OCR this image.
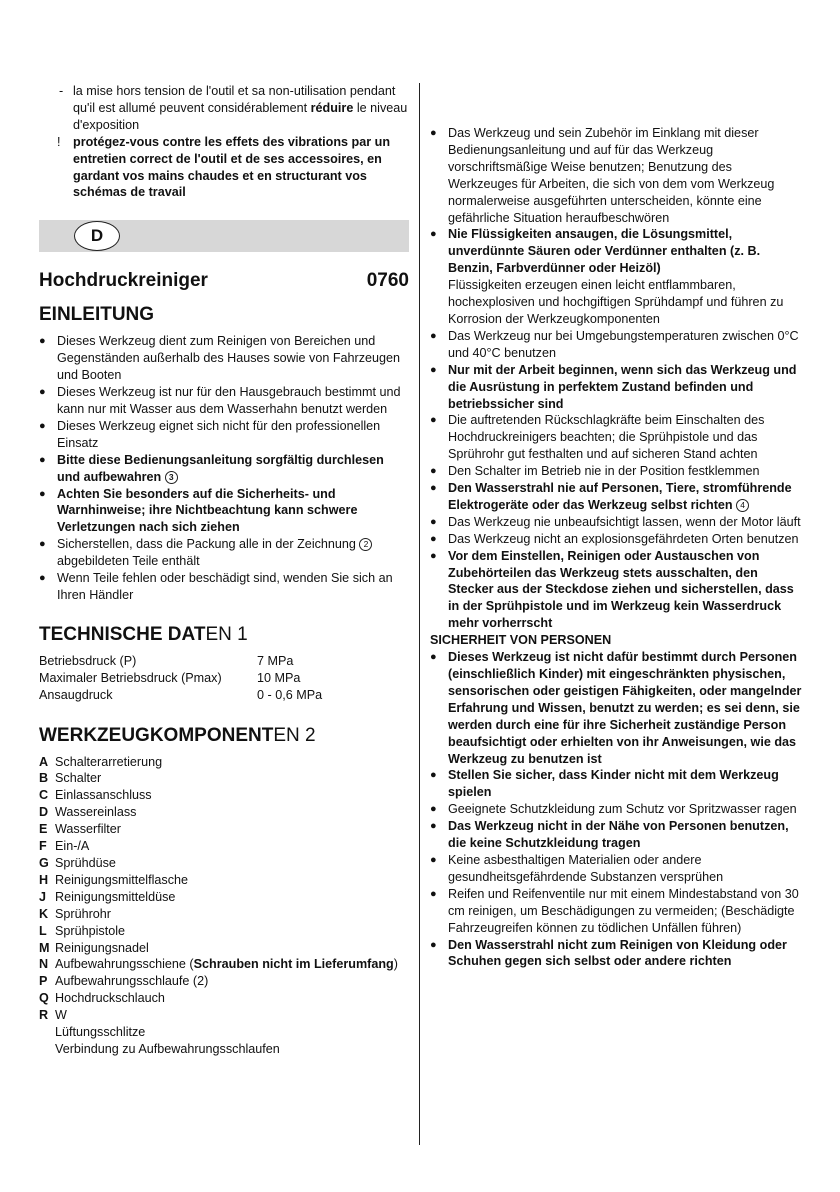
- la mise hors tension de l'outil et sa non-utilisation pendant qu'il est allumé peuvent considérablement réduire le niveau d'exposition
! protégez-vous contre les effets des vibrations par un entretien correct de l'outil et de ses accessoires, en gardant vos mains chaudes et en structurant vos schémas de travail
D
Hochdruckreiniger	0760
EINLEITUNG
● Dieses Werkzeug dient zum Reinigen von Bereichen und Gegenständen außerhalb des Hauses sowie von Fahrzeugen und Booten
● Dieses Werkzeug ist nur für den Hausgebrauch bestimmt und kann nur mit Wasser aus dem Wasserhahn benutzt werden
● Dieses Werkzeug eignet sich nicht für den professionellen Einsatz
● Bitte diese Bedienungsanleitung sorgfältig durchlesen und aufbewahren 3
● Achten Sie besonders auf die Sicherheits- und Warnhinweise; ihre Nichtbeachtung kann schwere Verletzungen nach sich ziehen
● Sicherstellen, dass die Packung alle in der Zeichnung 2 abgebildeten Teile enthält
● Wenn Teile fehlen oder beschädigt sind, wenden Sie sich an Ihren Händler
TECHNISCHE DATEN 1
Betriebsdruck (P)	7 MPa
Maximaler Betriebsdruck (Pmax)	10 MPa
Ansaugdruck	0 - 0,6 MPa
WERKZEUGKOMPONENTEN 2
A Schalterarretierung
B Schalter
C Einlassanschluss
D Wassereinlass
E Wasserfilter
F Ein-/A
G Sprühdüse
H Reinigungsmittelflasche
J Reinigungsmitteldüse
K Sprührohr
L Sprühpistole
M Reinigungsnadel
N Aufbewahrungsschiene (Schrauben nicht im Lieferumfang)
P Aufbewahrungsschlaufe (2)
Q Hochdruckschlauch
R W
Lüftungsschlitze
Verbindung zu Aufbewahrungsschlaufen
● Das Werkzeug und sein Zubehör im Einklang mit dieser Bedienungsanleitung und auf für das Werkzeug vorschriftsmäßige Weise benutzen; Benutzung des Werkzeuges für Arbeiten, die sich von dem vom Werkzeug normalerweise ausgeführten unterscheiden, könnte eine gefährliche Situation heraufbeschwören
● Nie Flüssigkeiten ansaugen, die Lösungsmittel, unverdünnte Säuren oder Verdünner enthalten (z. B. Benzin, Farbverdünner oder Heizöl)
Flüssigkeiten erzeugen einen leicht entflammbaren, hochexplosiven und hochgiftigen Sprühdampf und führen zu Korrosion der Werkzeugkomponenten
● Das Werkzeug nur bei Umgebungstemperaturen zwischen 0°C und 40°C benutzen
● Nur mit der Arbeit beginnen, wenn sich das Werkzeug und die Ausrüstung in perfektem Zustand befinden und betriebssicher sind
● Die auftretenden Rückschlagkräfte beim Einschalten des Hochdruckreinigers beachten; die Sprühpistole und das Sprührohr gut festhalten und auf sicheren Stand achten
● Den Schalter im Betrieb nie in der Position festklemmen
● Den Wasserstrahl nie auf Personen, Tiere, stromführende Elektrogeräte oder das Werkzeug selbst richten 4
● Das Werkzeug nie unbeaufsichtigt lassen, wenn der Motor läuft
● Das Werkzeug nicht an explosionsgefährdeten Orten benutzen
● Vor dem Einstellen, Reinigen oder Austauschen von Zubehörteilen das Werkzeug stets ausschalten, den Stecker aus der Steckdose ziehen und sicherstellen, dass in der Sprühpistole und im Werkzeug kein Wasserdruck mehr vorherrscht
SICHERHEIT VON PERSONEN
● Dieses Werkzeug ist nicht dafür bestimmt durch Personen (einschließlich Kinder) mit eingeschränkten physischen, sensorischen oder geistigen Fähigkeiten, oder mangelnder Erfahrung und Wissen, benutzt zu werden; es sei denn, sie werden durch eine für ihre Sicherheit zuständige Person beaufsichtigt oder erhielten von ihr Anweisungen, wie das Werkzeug zu benutzen ist
● Stellen Sie sicher, dass Kinder nicht mit dem Werkzeug spielen
● Geeignete Schutzkleidung zum Schutz vor Spritzwasser ragen
● Das Werkzeug nicht in der Nähe von Personen benutzen, die keine Schutzkleidung tragen
● Keine asbesthaltigen Materialien oder andere gesundheitsgefährdende Substanzen versprühen
● Reifen und Reifenventile nur mit einem Mindestabstand von 30 cm reinigen, um Beschädigungen zu vermeiden; (Beschädigte Fahrzeugreifen können zu tödlichen Unfällen führen)
● Den Wasserstrahl nicht zum Reinigen von Kleidung oder Schuhen gegen sich selbst oder andere richten
